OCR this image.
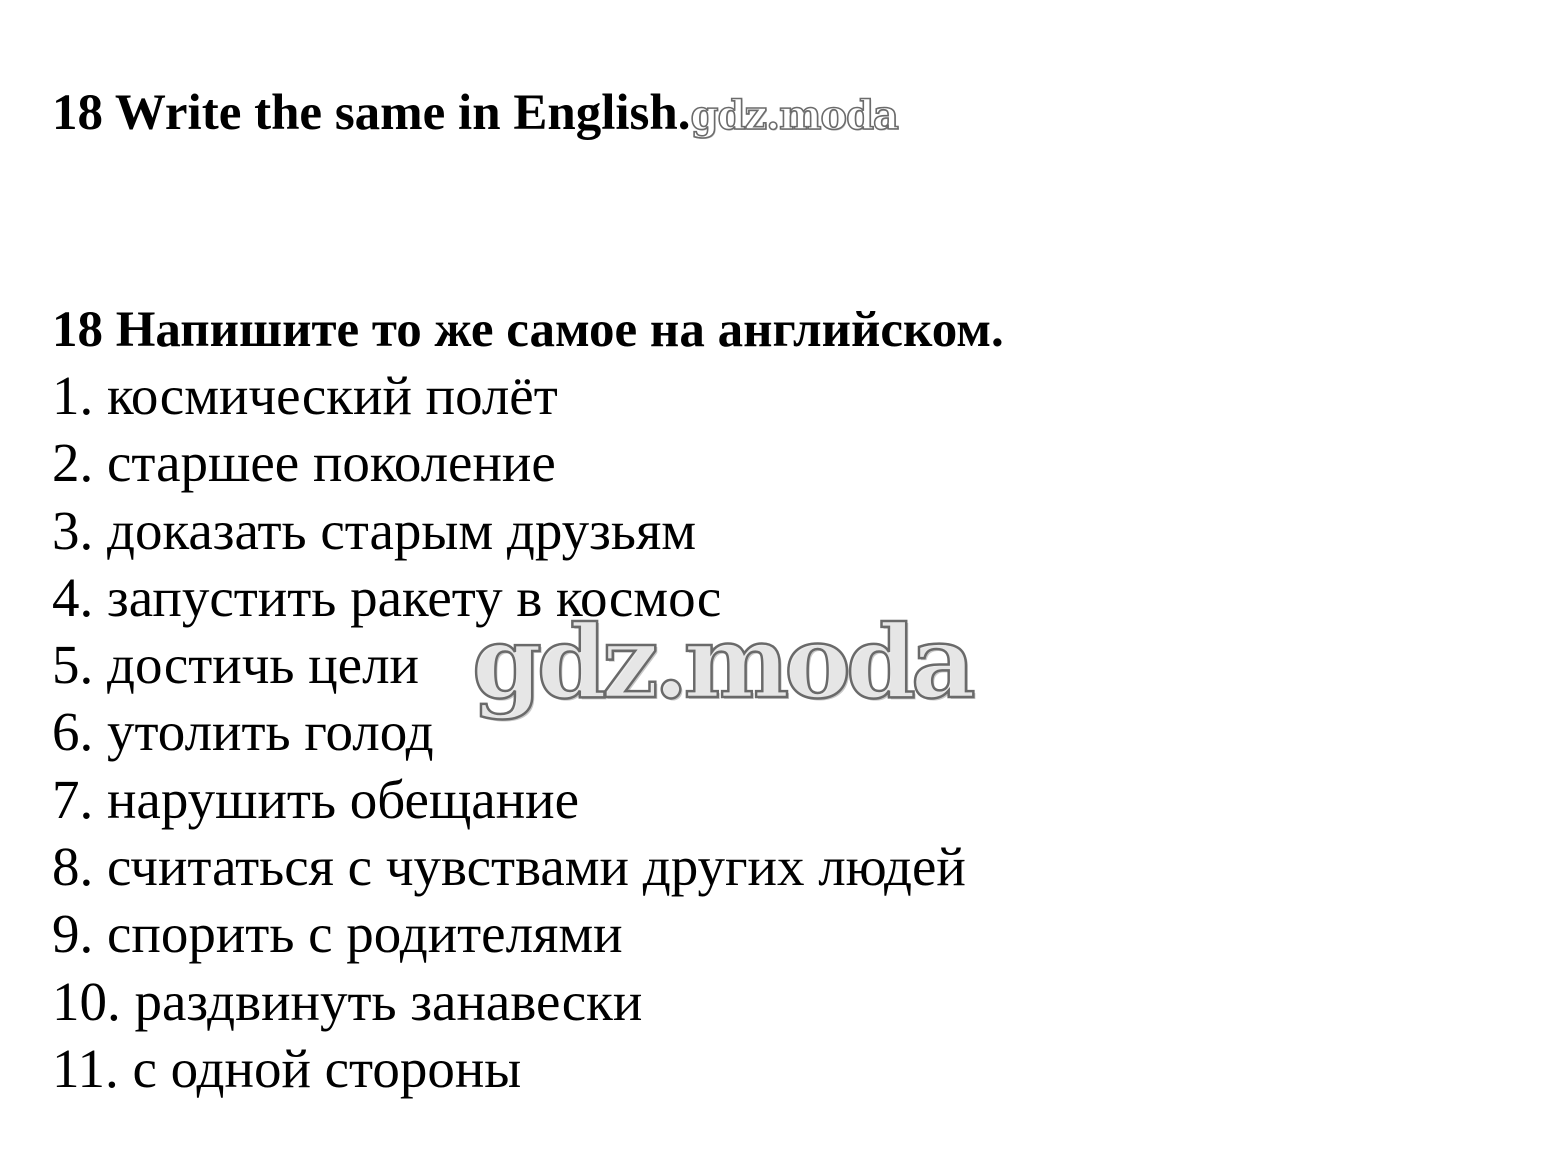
18 Write the same in English.gdz.moda
18 Напишите то же самое на английском.
1. космический полёт
2. старшее поколение
3. доказать старым друзьям
4. запустить ракету в космос
5. достичь цели
6. утолить голод
7. нарушить обещание
8. считаться с чувствами других людей
9. спорить с родителями
10. раздвинуть занавески
11. с одной стороны
gdz.moda
